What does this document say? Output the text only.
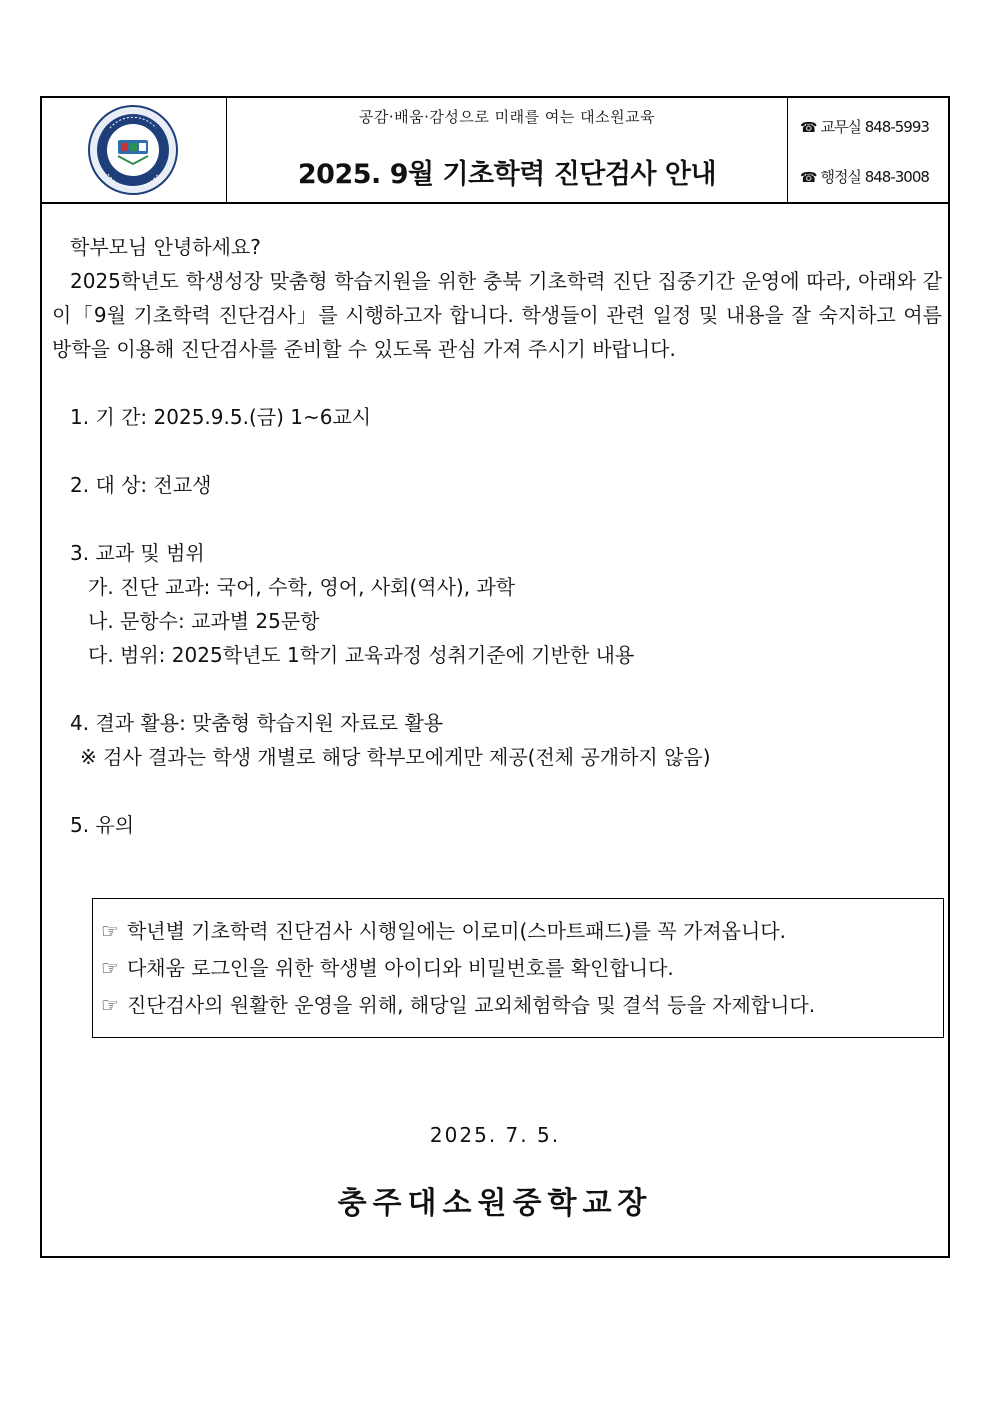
공감·배움·감성으로 미래를 여는 대소원교육
2025. 9월 기초학력 진단검사 안내
☎ 교무실 848-5993
☎ 행정실 848-3008

학부모님 안녕하세요?

2025학년도 학생성장 맞춤형 학습지원을 위한 충북 기초학력 진단 집중기간 운영에 따라, 아래와 같이「9월 기초학력 진단검사」를 시행하고자 합니다. 학생들이 관련 일정 및 내용을 잘 숙지하고 여름 방학을 이용해 진단검사를 준비할 수 있도록 관심 가져 주시기 바랍니다.

1. 기 간: 2025.9.5.(금) 1~6교시

2. 대 상: 전교생

3. 교과 및 범위

가. 진단 교과: 국어, 수학, 영어, 사회(역사), 과학

나. 문항수: 교과별 25문항

다. 범위: 2025학년도 1학기 교육과정 성취기준에 기반한 내용

4. 결과 활용: 맞춤형 학습지원 자료로 활용

※ 검사 결과는 학생 개별로 해당 학부모에게만 제공(전체 공개하지 않음)

5. 유의

☞ 학년별 기초학력 진단검사 시행일에는 이로미(스마트패드)를 꼭 가져옵니다.
☞ 다채움 로그인을 위한 학생별 아이디와 비밀번호를 확인합니다.
☞ 진단검사의 원활한 운영을 위해, 해당일 교외체험학습 및 결석 등을 자제합니다.
2025. 7. 5.
충주대소원중학교장
